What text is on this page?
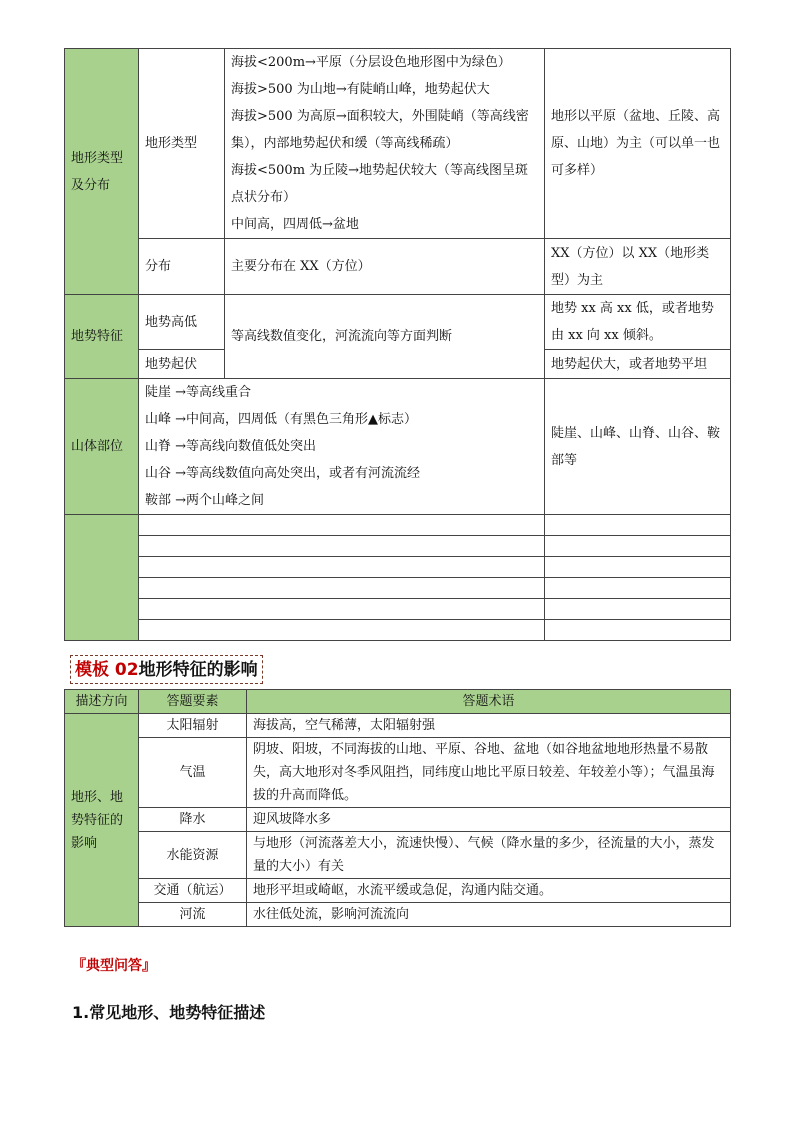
地形类型及分布	地形类型	海拔<200m→平原（分层设色地形图中为绿色）
海拔>500 为山地→有陡峭山峰，地势起伏大
海拔>500 为高原→面积较大，外围陡峭（等高线密集），内部地势起伏和缓（等高线稀疏）
海拔<500m 为丘陵→地势起伏较大（等高线图呈斑点状分布）
中间高，四周低→盆地	地形以平原（盆地、丘陵、高原、山地）为主（可以单一也可多样）
	分布	主要分布在 XX（方位）	XX（方位）以 XX（地形类型）为主
地势特征	地势高低	等高线数值变化，河流流向等方面判断	地势 xx 高 xx 低，或者地势由 xx 向 xx 倾斜。
	地势起伏		地势起伏大，或者地势平坦
山体部位	陡崖 →等高线重合
山峰 →中间高，四周低（有黑色三角形▲标志）
山脊 →等高线向数值低处突出
山谷 →等高线数值向高处突出，或者有河流流经
鞍部 →两个山峰之间		陡崖、山峰、山脊、山谷、鞍部等

模板 02地形特征的影响
描述方向	答题要素	答题术语
地形、地势特征的影响	太阳辐射	海拔高，空气稀薄，太阳辐射强
	气温	阴坡、阳坡，不同海拔的山地、平原、谷地、盆地（如谷地盆地地形热量不易散失，高大地形对冬季风阻挡，同纬度山地比平原日较差、年较差小等）；气温虽海拔的升高而降低。
	降水	迎风坡降水多
	水能资源	与地形（河流落差大小，流速快慢）、气候（降水量的多少，径流量的大小，蒸发量的大小）有关
	交通（航运）	地形平坦或崎岖，水流平缓或急促，沟通内陆交通。
	河流	水往低处流，影响河流流向
『典型问答』
1.常见地形、地势特征描述
